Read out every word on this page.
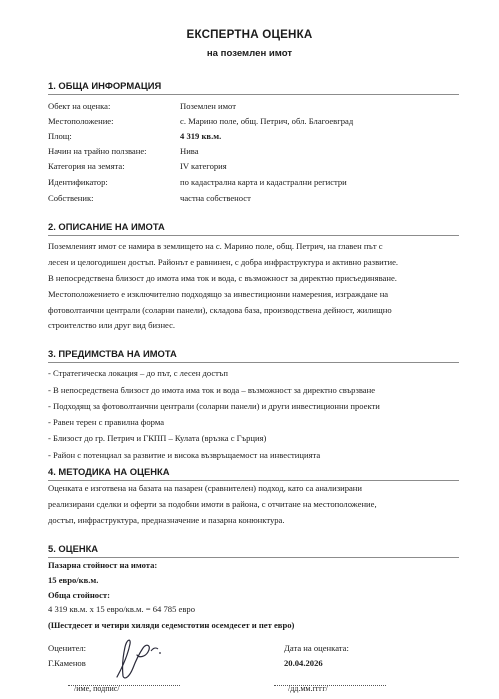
ЕКСПЕРТНА ОЦЕНКА
на поземлен имот
1. ОБЩА ИНФОРМАЦИЯ
Обект на оценка:	Поземлен имот
Местоположение:	с. Марино поле, общ. Петрич, обл. Благоевград
Площ:	4 319 кв.м.
Начин на трайно ползване:	Нива
Категория на земята:	IV категория
Идентификатор:	по кадастрална карта и кадастрални регистри
Собственик:	частна собственост
2. ОПИСАНИЕ НА ИМОТА
Поземленият имот се намира в землището на с. Марино поле, общ. Петрич, на главен път с
лесен и целогодишен достъп. Районът е равнинен, с добра инфраструктура и активно развитие.
В непосредствена близост до имота има ток и вода, с възможност за директно присъединяване.
Местоположението е изключително подходящо за инвестиционни намерения, изграждане на
фотоволтаични централи (соларни панели), складова база, производствена дейност, жилищно
строителство или друг вид бизнес.
3. ПРЕДИМСТВА НА ИМОТА
- Стратегическа локация – до път, с лесен достъп
- В непосредствена близост до имота има ток и вода – възможност за директно свързване
- Подходящ за фотоволтаични централи (соларни панели) и други инвестиционни проекти
- Равен терен с правилна форма
- Близост до гр. Петрич и ГКПП – Кулата (връзка с Гърция)
- Район с потенциал за развитие и висока възвръщаемост на инвестицията
4. МЕТОДИКА НА ОЦЕНКА
Оценката е изготвена на базата на пазарен (сравнителен) подход, като са анализирани
реализирани сделки и оферти за подобни имоти в района, с отчитане на местоположение,
достъп, инфраструктура, предназначение и пазарна конюнктура.
5. ОЦЕНКА
Пазарна стойност на имота:
15 евро/кв.м.
Обща стойност:
4 319 кв.м. х 15 евро/кв.м. = 64 785 евро
(Шестдесет и четири хиляди седемстотин осемдесет и пет евро)
Оценител:
Г.Каменов
/име, подпис/
Дата на оценката:
20.04.2026
/дд.мм.гггг/
